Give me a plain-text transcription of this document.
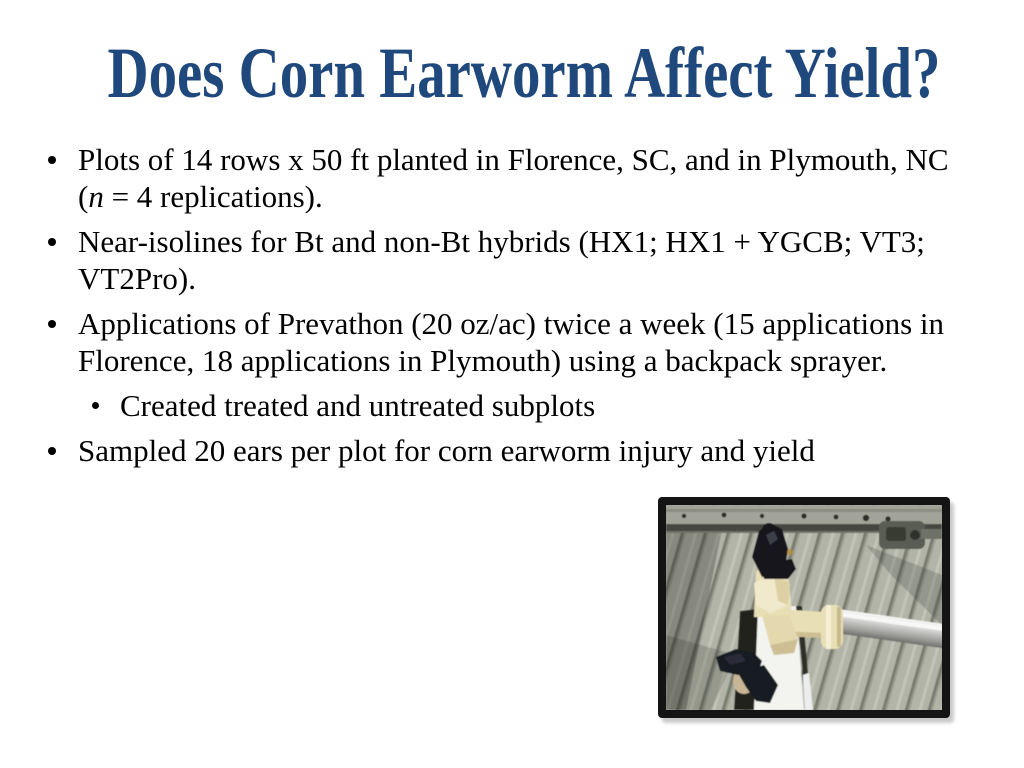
Does Corn Earworm Affect Yield?
Plots of 14 rows x 50 ft planted in Florence, SC, and in Plymouth, NC
(n = 4 replications).
Near-isolines for Bt and non-Bt hybrids (HX1; HX1 + YGCB; VT3;
VT2Pro).
Applications of Prevathon (20 oz/ac) twice a week (15 applications in
Florence, 18 applications in Plymouth) using a backpack sprayer.
Created treated and untreated subplots
Sampled 20 ears per plot for corn earworm injury and yield
